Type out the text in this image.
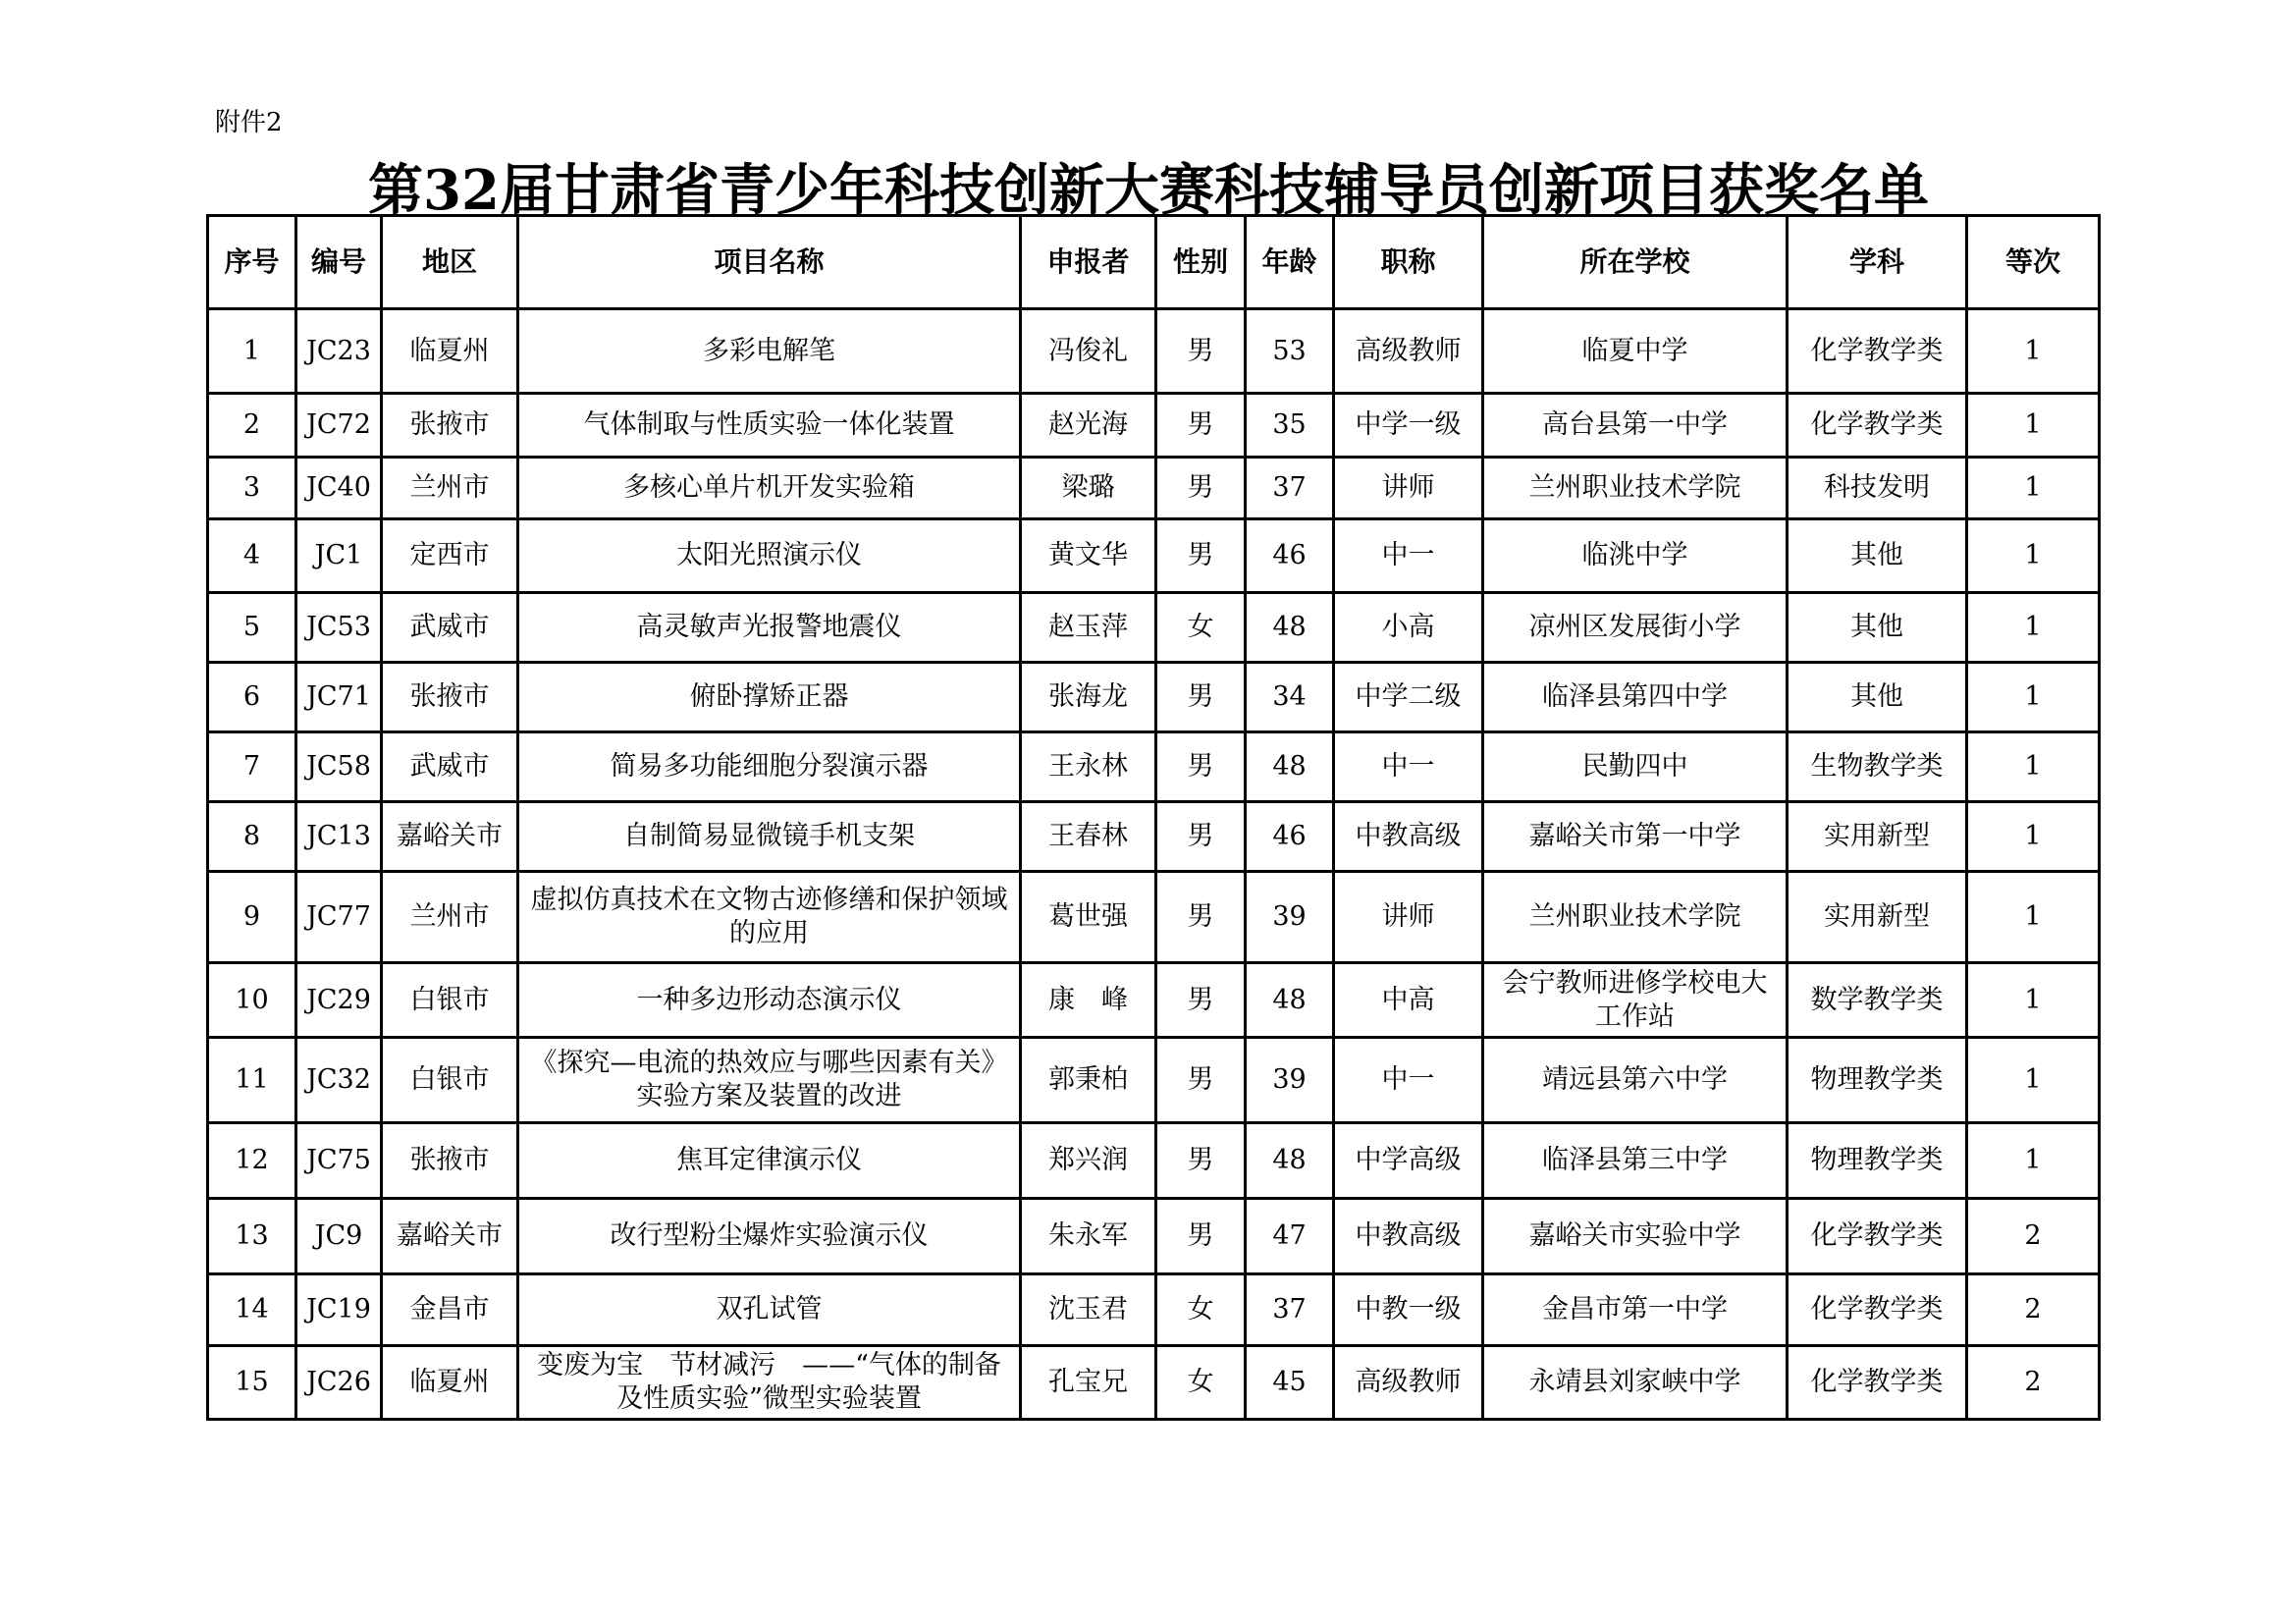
附件2
第32届甘肃省青少年科技创新大赛科技辅导员创新项目获奖名单
序号	编号	地区	项目名称	申报者	性别	年龄	职称	所在学校	学科	等次
1	JC23	临夏州	多彩电解笔	冯俊礼	男	53	高级教师	临夏中学	化学教学类	1
2	JC72	张掖市	气体制取与性质实验一体化装置	赵光海	男	35	中学一级	高台县第一中学	化学教学类	1
3	JC40	兰州市	多核心单片机开发实验箱	梁璐	男	37	讲师	兰州职业技术学院	科技发明	1
4	JC1	定西市	太阳光照演示仪	黄文华	男	46	中一	临洮中学	其他	1
5	JC53	武威市	高灵敏声光报警地震仪	赵玉萍	女	48	小高	凉州区发展街小学	其他	1
6	JC71	张掖市	俯卧撑矫正器	张海龙	男	34	中学二级	临泽县第四中学	其他	1
7	JC58	武威市	简易多功能细胞分裂演示器	王永林	男	48	中一	民勤四中	生物教学类	1
8	JC13	嘉峪关市	自制简易显微镜手机支架	王春林	男	46	中教高级	嘉峪关市第一中学	实用新型	1
9	JC77	兰州市	虚拟仿真技术在文物古迹修缮和保护领域的应用	葛世强	男	39	讲师	兰州职业技术学院	实用新型	1
10	JC29	白银市	一种多边形动态演示仪	康　峰	男	48	中高	会宁教师进修学校电大工作站	数学教学类	1
11	JC32	白银市	《探究—电流的热效应与哪些因素有关》实验方案及装置的改进	郭秉柏	男	39	中一	靖远县第六中学	物理教学类	1
12	JC75	张掖市	焦耳定律演示仪	郑兴润	男	48	中学高级	临泽县第三中学	物理教学类	1
13	JC9	嘉峪关市	改行型粉尘爆炸实验演示仪	朱永军	男	47	中教高级	嘉峪关市实验中学	化学教学类	2
14	JC19	金昌市	双孔试管	沈玉君	女	37	中教一级	金昌市第一中学	化学教学类	2
15	JC26	临夏州	变废为宝　节材减污　——“气体的制备及性质实验”微型实验装置	孔宝兄	女	45	高级教师	永靖县刘家峡中学	化学教学类	2
